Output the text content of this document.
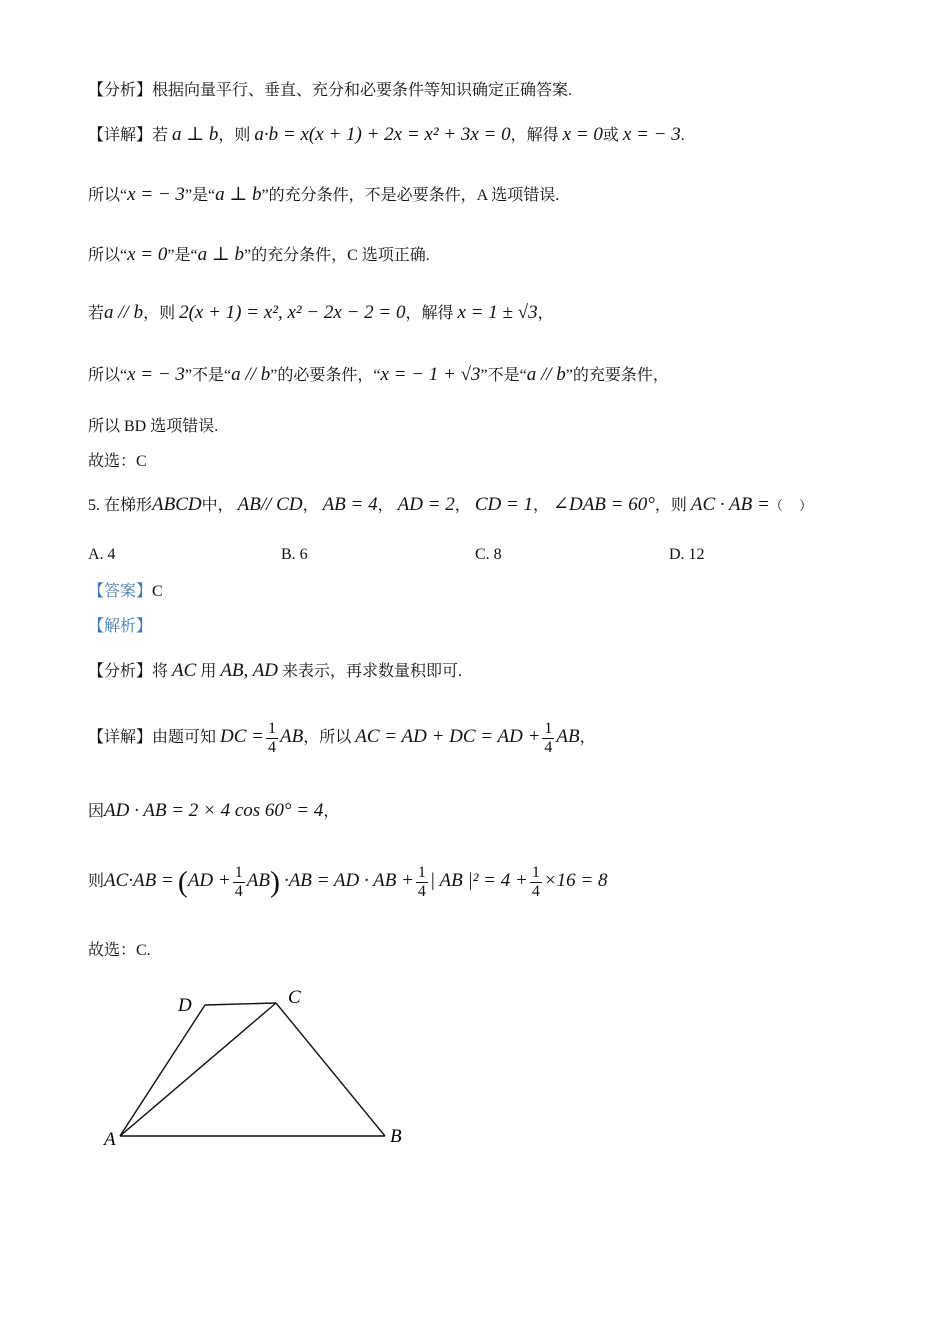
【分析】根据向量平行、垂直、充分和必要条件等知识确定正确答案.
【详解】若 a ⊥ b，则 a·b = x(x + 1) + 2x = x² + 3x = 0，解得 x = 0或 x = − 3.
所以“x = − 3”是“a ⊥ b”的充分条件，不是必要条件，A 选项错误.
所以“x = 0”是“a ⊥ b”的充分条件，C 选项正确.
若a // b，则 2(x + 1) = x², x² − 2x − 2 = 0，解得 x = 1 ± √3，
所以“x = − 3”不是“a // b”的必要条件，“x = − 1 + √3”不是“a // b”的充要条件，
所以 BD 选项错误.
故选：C
5. 在梯形ABCD中， AB// CD， AB = 4， AD = 2， CD = 1， ∠DAB = 60°，则 AC · AB =（　 ）
A. 4	B. 6	C. 8	D. 12
【答案】C
【解析】
【分析】将 AC 用 AB, AD 来表示，再求数量积即可.
【详解】由题可知 DC = $\frac{1}{4}$ AB，所以 AC = AD + DC = AD + $\frac{1}{4}$ AB，
因AD · AB = 2 × 4 cos 60° = 4，
则$AC\cdot AB = (AD + \frac{1}{4} AB) \cdot AB$ = AD · AB + $\frac{1}{4}$ | AB $|^2 = 4 + \frac{1}{4} \times 16 = 8$
故选：C.
A	B
C
D
